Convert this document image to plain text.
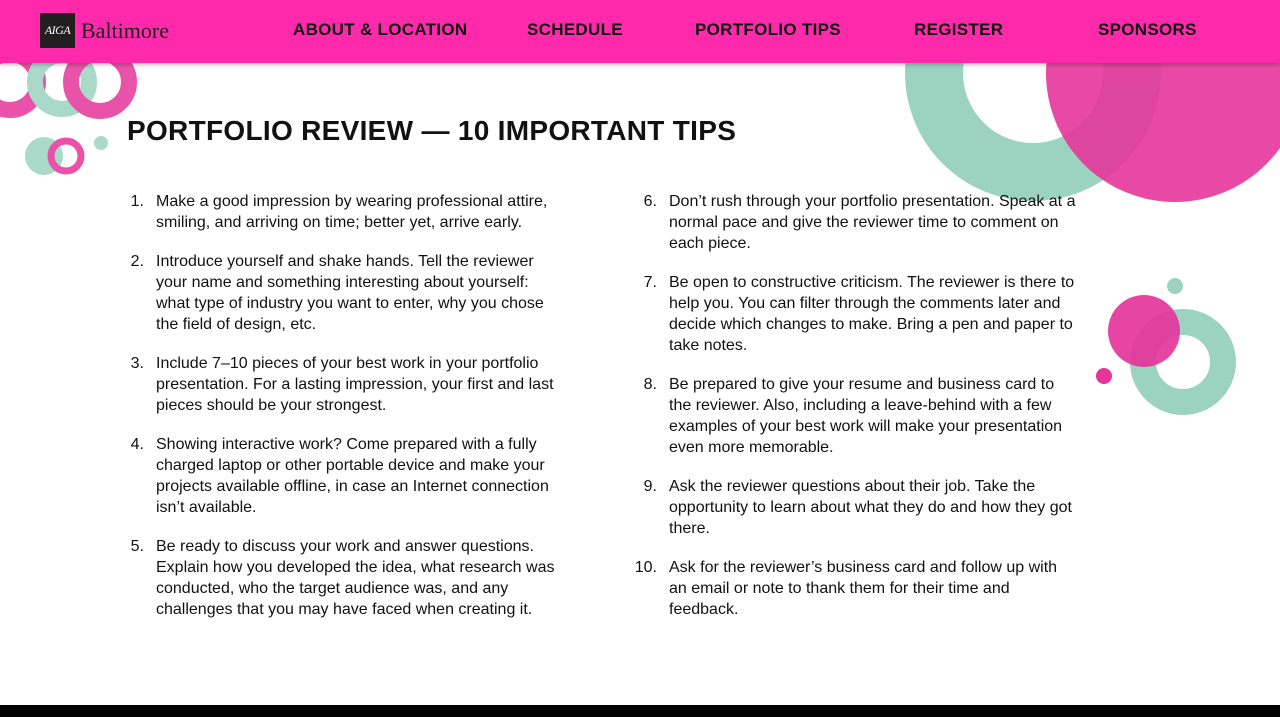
AIGA Baltimore	ABOUT & LOCATION	SCHEDULE	PORTFOLIO TIPS	REGISTER	SPONSORS
PORTFOLIO REVIEW — 10 IMPORTANT TIPS
1. Make a good impression by wearing professional attire, smiling, and arriving on time; better yet, arrive early.
2. Introduce yourself and shake hands. Tell the reviewer your name and something interesting about yourself: what type of industry you want to enter, why you chose the field of design, etc.
3. Include 7–10 pieces of your best work in your portfolio presentation. For a lasting impression, your first and last pieces should be your strongest.
4. Showing interactive work? Come prepared with a fully charged laptop or other portable device and make your projects available offline, in case an Internet connection isn’t available.
5. Be ready to discuss your work and answer questions. Explain how you developed the idea, what research was conducted, who the target audience was, and any challenges that you may have faced when creating it.
6. Don’t rush through your portfolio presentation. Speak at a normal pace and give the reviewer time to comment on each piece.
7. Be open to constructive criticism. The reviewer is there to help you. You can filter through the comments later and decide which changes to make. Bring a pen and paper to take notes.
8. Be prepared to give your resume and business card to the reviewer. Also, including a leave-behind with a few examples of your best work will make your presentation even more memorable.
9. Ask the reviewer questions about their job. Take the opportunity to learn about what they do and how they got there.
10. Ask for the reviewer’s business card and follow up with an email or note to thank them for their time and feedback.
